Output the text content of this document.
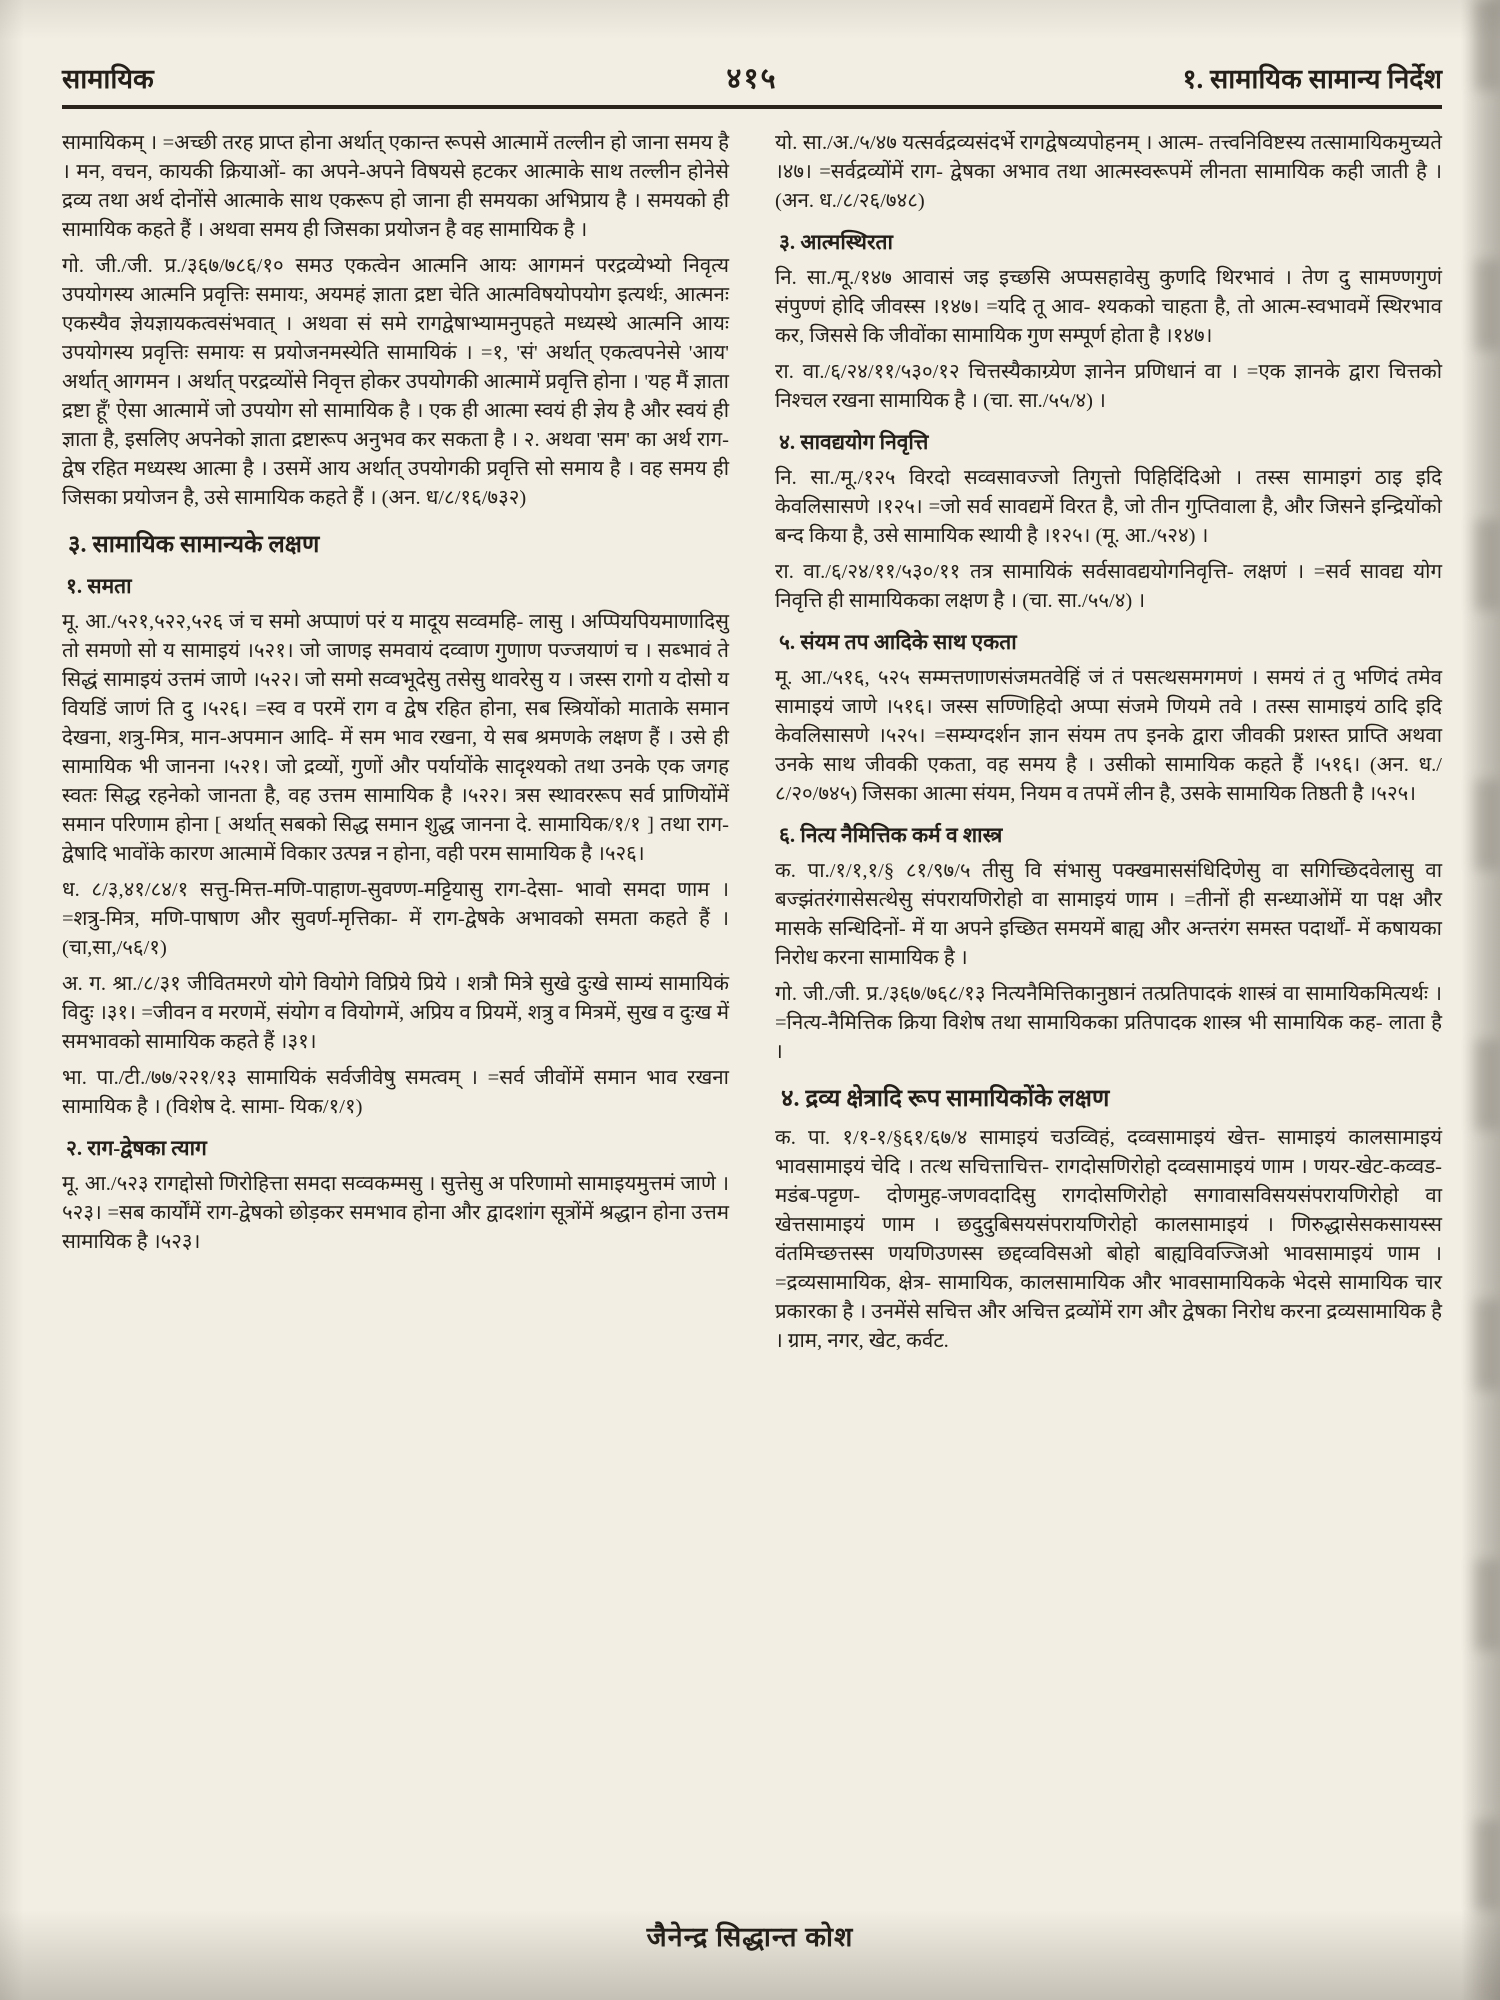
सामायिक	४१५	१. सामायिक सामान्य निर्देश

सामायिकम् । =अच्छी तरह प्राप्त होना अर्थात् एकान्त रूपसे आत्मामें तल्लीन हो जाना समय है । मन, वचन, कायकी क्रियाओं- का अपने-अपने विषयसे हटकर आत्माके साथ तल्लीन होनेसे द्रव्य तथा अर्थ दोनोंसे आत्माके साथ एकरूप हो जाना ही समयका अभिप्राय है । समयको ही सामायिक कहते हैं । अथवा समय ही जिसका प्रयोजन है वह सामायिक है ।

गो. जी./जी. प्र./३६७/७८६/१० समउ एकत्वेन आत्मनि आयः आगमनं परद्रव्येभ्यो निवृत्य उपयोगस्य आत्मनि प्रवृत्तिः समायः, अयमहं ज्ञाता द्रष्टा चेति आत्मविषयोपयोग इत्यर्थः, आत्मनः एकस्यैव ज्ञेयज्ञायकत्वसंभवात् । अथवा सं समे रागद्वेषाभ्यामनुपहते मध्यस्थे आत्मनि आयः उपयोगस्य प्रवृत्तिः समायः स प्रयोजनमस्येति सामायिकं । =१, 'सं' अर्थात् एकत्वपनेसे 'आय' अर्थात् आगमन । अर्थात् परद्रव्योंसे निवृत्त होकर उपयोगकी आत्मामें प्रवृत्ति होना । 'यह मैं ज्ञाता द्रष्टा हूँ' ऐसा आत्मामें जो उपयोग सो सामायिक है । एक ही आत्मा स्वयं ही ज्ञेय है और स्वयं ही ज्ञाता है, इसलिए अपनेको ज्ञाता द्रष्टारूप अनुभव कर सकता है । २. अथवा 'सम' का अर्थ राग-द्वेष रहित मध्यस्थ आत्मा है । उसमें आय अर्थात् उपयोगकी प्रवृत्ति सो समाय है । वह समय ही जिसका प्रयोजन है, उसे सामायिक कहते हैं । (अन. ध/८/१६/७३२)

३. सामायिक सामान्यके लक्षण
१. समता

मू. आ./५२१,५२२,५२६ जं च समो अप्पाणं परं य मादूय सव्वमहि- लासु । अप्पियपियमाणादिसु तो समणो सो य सामाइयं ।५२१। जो जाणइ समवायं दव्वाण गुणाण पज्जयाणं च । सब्भावं ते सिद्धं सामाइयं उत्तमं जाणे ।५२२। जो समो सव्वभूदेसु तसेसु थावरेसु य । जस्स रागो य दोसो य वियडिं जाणं ति दु ।५२६। =स्व व परमें राग व द्वेष रहित होना, सब स्त्रियोंको माताके समान देखना, शत्रु-मित्र, मान-अपमान आदि- में सम भाव रखना, ये सब श्रमणके लक्षण हैं । उसे ही सामायिक भी जानना ।५२१। जो द्रव्यों, गुणों और पर्यायोंके सादृश्यको तथा उनके एक जगह स्वतः सिद्ध रहनेको जानता है, वह उत्तम सामायिक है ।५२२। त्रस स्थावररूप सर्व प्राणियोंमें समान परिणाम होना [ अर्थात् सबको सिद्ध समान शुद्ध जानना दे. सामायिक/१/१ ] तथा राग-द्वेषादि भावोंके कारण आत्मामें विकार उत्पन्न न होना, वही परम सामायिक है ।५२६।

ध. ८/३,४१/८४/१ सत्तु-मित्त-मणि-पाहाण-सुवण्ण-मट्टियासु राग-देसा- भावो समदा णाम । =शत्रु-मित्र, मणि-पाषाण और सुवर्ण-मृत्तिका- में राग-द्वेषके अभावको समता कहते हैं । (चा,सा,/५६/१)

अ. ग. श्रा./८/३१ जीवितमरणे योगे वियोगे विप्रिये प्रिये । शत्रौ मित्रे सुखे दुःखे साम्यं सामायिकं विदुः ।३१। =जीवन व मरणमें, संयोग व वियोगमें, अप्रिय व प्रियमें, शत्रु व मित्रमें, सुख व दुःख में समभावको सामायिक कहते हैं ।३१।

भा. पा./टी./७७/२२१/१३ सामायिकं सर्वजीवेषु समत्वम् । =सर्व जीवोंमें समान भाव रखना सामायिक है । (विशेष दे. सामा- यिक/१/१)

२. राग-द्वेषका त्याग

मू. आ./५२३ रागद्दोसो णिरोहित्ता समदा सव्वकम्मसु । सुत्तेसु अ परिणामो सामाइयमुत्तमं जाणे ।५२३। =सब कार्योंमें राग-द्वेषको छोड़कर समभाव होना और द्वादशांग सूत्रोंमें श्रद्धान होना उत्तम सामायिक है ।५२३।

यो. सा./अ./५/४७ यत्सर्वद्रव्यसंदर्भे रागद्वेषव्यपोहनम् । आत्म- तत्त्वनिविष्टस्य तत्सामायिकमुच्यते ।४७। =सर्वद्रव्योंमें राग- द्वेषका अभाव तथा आत्मस्वरूपमें लीनता सामायिक कही जाती है । (अन. ध./८/२६/७४८)

३. आत्मस्थिरता

नि. सा./मू./१४७ आवासं जइ इच्छसि अप्पसहावेसु कुणदि थिरभावं । तेण दु सामण्णगुणं संपुण्णं होदि जीवस्स ।१४७। =यदि तू आव- श्यकको चाहता है, तो आत्म-स्वभावमें स्थिरभाव कर, जिससे कि जीवोंका सामायिक गुण सम्पूर्ण होता है ।१४७।

रा. वा./६/२४/११/५३०/१२ चित्तस्यैकाग्र्येण ज्ञानेन प्रणिधानं वा । =एक ज्ञानके द्वारा चित्तको निश्चल रखना सामायिक है । (चा. सा./५५/४) ।

४. सावद्ययोग निवृत्ति

नि. सा./मू./१२५ विरदो सव्वसावज्जो तिगुत्तो पिहिदिंदिओ । तस्स सामाइगं ठाइ इदि केवलिसासणे ।१२५। =जो सर्व सावद्यमें विरत है, जो तीन गुप्तिवाला है, और जिसने इन्द्रियोंको बन्द किया है, उसे सामायिक स्थायी है ।१२५। (मू. आ./५२४) ।

रा. वा./६/२४/११/५३०/११ तत्र सामायिकं सर्वसावद्ययोगनिवृत्ति- लक्षणं । =सर्व सावद्य योग निवृत्ति ही सामायिकका लक्षण है । (चा. सा./५५/४) ।

५. संयम तप आदिके साथ एकता

मू. आ./५१६, ५२५ सम्मत्तणाणसंजमतवेहिं जं तं पसत्थसमगमणं । समयं तं तु भणिदं तमेव सामाइयं जाणे ।५१६। जस्स सण्णिहिदो अप्पा संजमे णियमे तवे । तस्स सामाइयं ठादि इदि केवलिसासणे ।५२५। =सम्यग्दर्शन ज्ञान संयम तप इनके द्वारा जीवकी प्रशस्त प्राप्ति अथवा उनके साथ जीवकी एकता, वह समय है । उसीको सामायिक कहते हैं ।५१६। (अन. ध./८/२०/७४५) जिसका आत्मा संयम, नियम व तपमें लीन है, उसके सामायिक तिष्ठती है ।५२५।

६. नित्य नैमित्तिक कर्म व शास्त्र

क. पा./१/१,१/§ ८१/९७/५ तीसु वि संभासु पक्खमाससंधिदिणेसु वा सगिच्छिदवेलासु वा बज्झंतरंगासेसत्थेसु संपरायणिरोहो वा सामाइयं णाम । =तीनों ही सन्ध्याओंमें या पक्ष और मासके सन्धिदिनों- में या अपने इच्छित समयमें बाह्य और अन्तरंग समस्त पदार्थों- में कषायका निरोध करना सामायिक है ।

गो. जी./जी. प्र./३६७/७६८/१३ नित्यनैमित्तिकानुष्ठानं तत्प्रतिपादकं शास्त्रं वा सामायिकमित्यर्थः । =नित्य-नैमित्तिक क्रिया विशेष तथा सामायिकका प्रतिपादक शास्त्र भी सामायिक कह- लाता है ।

४. द्रव्य क्षेत्रादि रूप सामायिकोंके लक्षण

क. पा. १/१-१/§६१/६७/४ सामाइयं चउव्विहं, दव्वसामाइयं खेत्त- सामाइयं कालसामाइयं भावसामाइयं चेदि । तत्थ सचित्ताचित्त- रागदोसणिरोहो दव्वसामाइयं णाम । णयर-खेट-कव्वड-मडंब-पट्टण- दोणमुह-जणवदादिसु रागदोसणिरोहो सगावासविसयसंपरायणिरोहो वा खेत्तसामाइयं णाम । छदुदुबिसयसंपरायणिरोहो कालसामाइयं । णिरुद्धासेसकसायस्स वंतमिच्छत्तस्स णयणिउणस्स छद्दव्वविसओ बोहो बाह्यविवज्जिओ भावसामाइयं णाम । =द्रव्यसामायिक, क्षेत्र- सामायिक, कालसामायिक और भावसामायिकके भेदसे सामायिक चार प्रकारका है । उनमेंसे सचित्त और अचित्त द्रव्योंमें राग और द्वेषका निरोध करना द्रव्यसामायिक है । ग्राम, नगर, खेट, कर्वट.

जैनेन्द्र सिद्धान्त कोश
